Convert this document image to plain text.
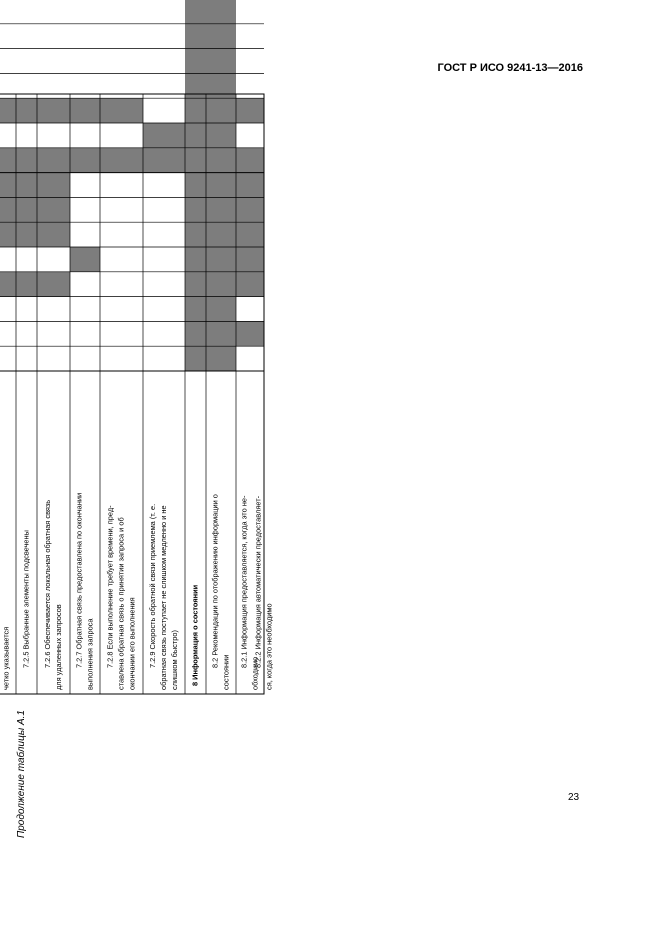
ГОСТ Р ИСО 9241-13—2016
Продолжение таблицы А.1
четко указывается 7.2.5 Выбранные элементы подсвечены 7.2.6 Обеспечивается локальная обратная связь для удаленных запросов 7.2.7 Обратная связь предоставлена по окончании выполнения запроса 7.2.8 Если выполнение требует времени, пред- ставлена обратная связь о принятии запроса и об окончании его выполнения 7.2.9 Скорость обратной связи приемлема (т. е. обратная связь поступает не слишком медленно и не слишком быстро) 8 Информация о состоянии 8.2 Рекомендации по отображению информации о
состоянии
8.2.1 Информация предоставляется, когда это не-
обходимо
8.2.2 Информация автоматически предоставляет- ся, когда это необходимо
23
